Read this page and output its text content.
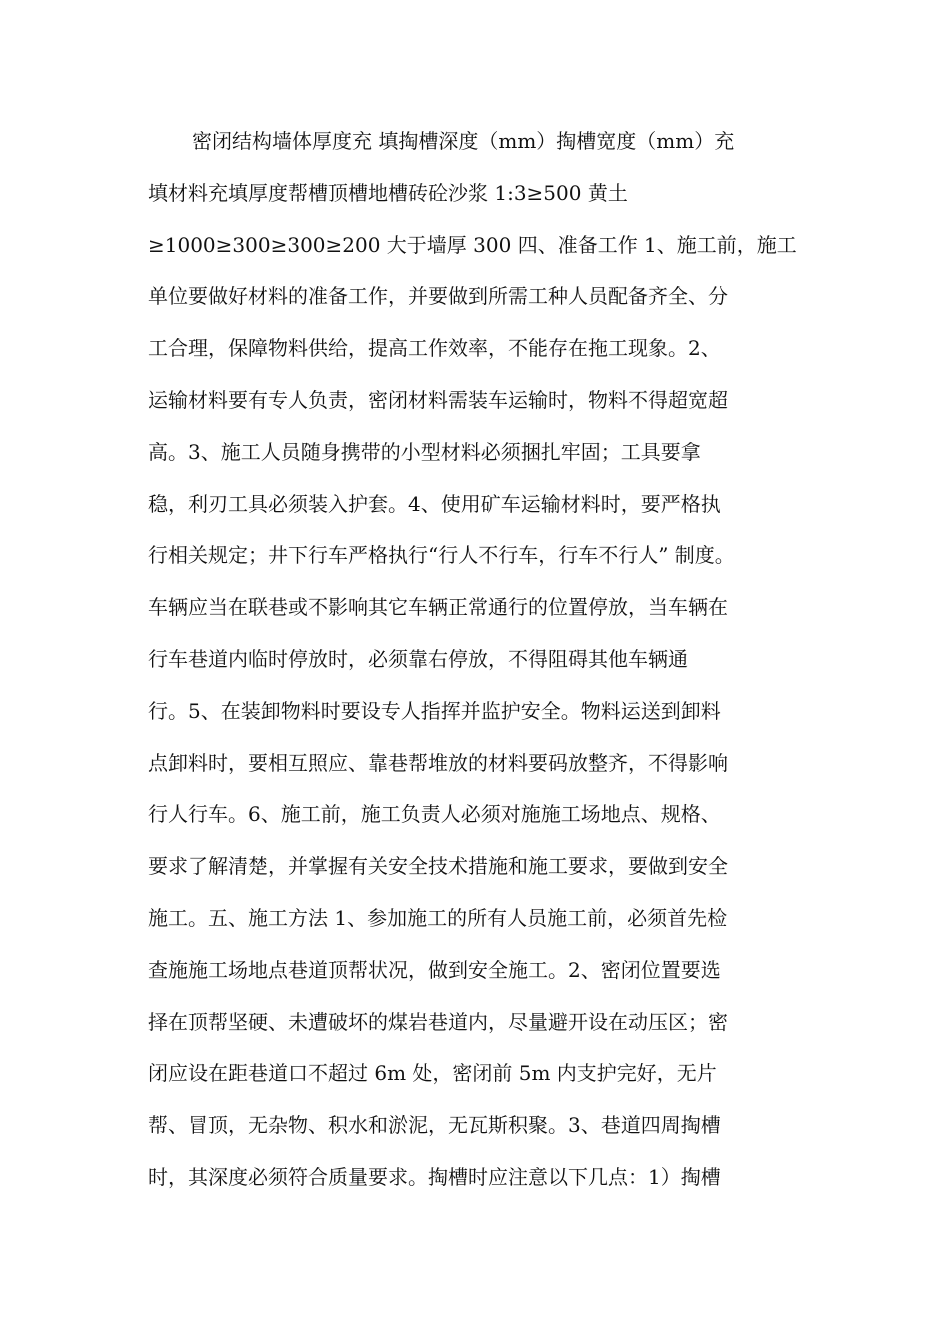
密闭结构墙体厚度充 填掏槽深度（mm）掏槽宽度（mm）充
填材料充填厚度帮槽顶槽地槽砖砼沙浆 1:3≥500 黄土
≥1000≥300≥300≥200 大于墙厚 300 四、准备工作 1、施工前，施工
单位要做好材料的准备工作，并要做到所需工种人员配备齐全、分
工合理，保障物料供给，提高工作效率，不能存在拖工现象。2、
运输材料要有专人负责，密闭材料需装车运输时，物料不得超宽超
高。3、施工人员随身携带的小型材料必须捆扎牢固；工具要拿
稳，利刃工具必须装入护套。4、使用矿车运输材料时，要严格执
行相关规定；井下行车严格执行“行人不行车，行车不行人” 制度。
车辆应当在联巷或不影响其它车辆正常通行的位置停放，当车辆在
行车巷道内临时停放时，必须靠右停放，不得阻碍其他车辆通
行。5、在装卸物料时要设专人指挥并监护安全。物料运送到卸料
点卸料时，要相互照应、靠巷帮堆放的材料要码放整齐，不得影响
行人行车。6、施工前，施工负责人必须对施施工场地点、规格、
要求了解清楚，并掌握有关安全技术措施和施工要求，要做到安全
施工。五、施工方法 1、参加施工的所有人员施工前，必须首先检
查施施工场地点巷道顶帮状况，做到安全施工。2、密闭位置要选
择在顶帮坚硬、未遭破坏的煤岩巷道内，尽量避开设在动压区；密
闭应设在距巷道口不超过 6m 处，密闭前 5m 内支护完好，无片
帮、冒顶，无杂物、积水和淤泥，无瓦斯积聚。3、巷道四周掏槽
时，其深度必须符合质量要求。掏槽时应注意以下几点：1）掏槽
